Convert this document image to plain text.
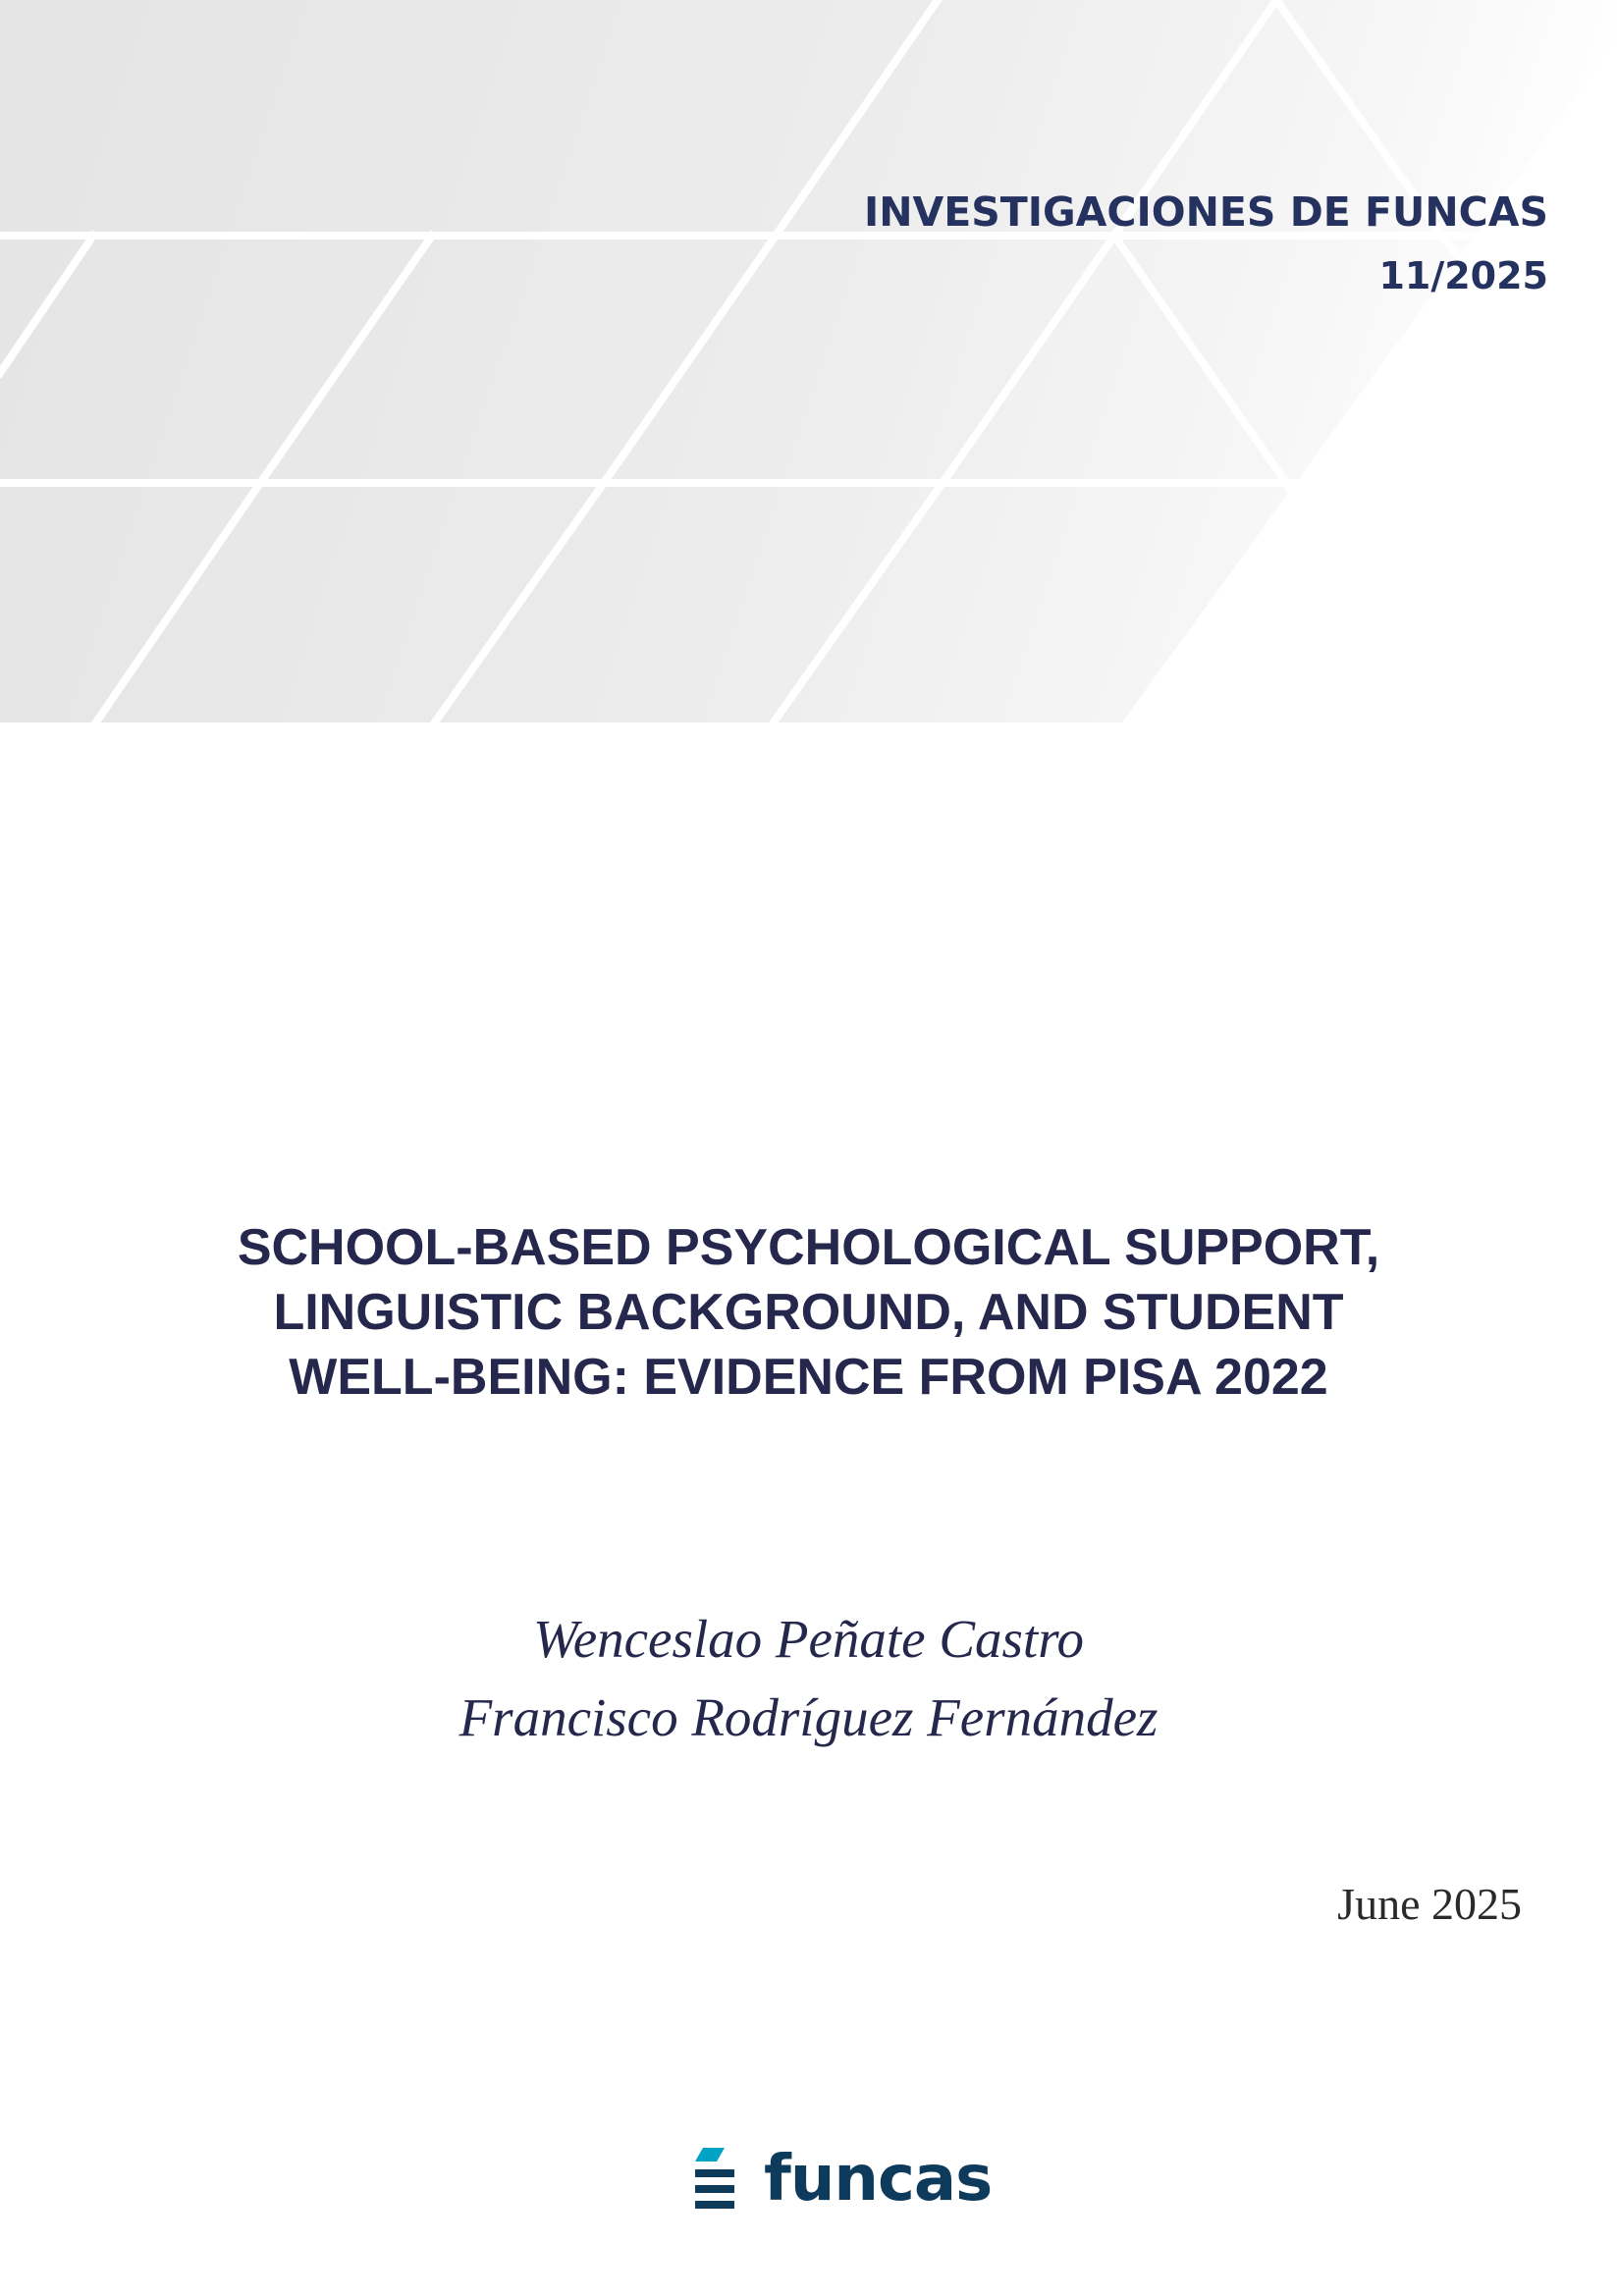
INVESTIGACIONES DE FUNCAS
11/2025
SCHOOL-BASED PSYCHOLOGICAL SUPPORT,
LINGUISTIC BACKGROUND, AND STUDENT
WELL-BEING: EVIDENCE FROM PISA 2022
Wenceslao Peñate Castro
Francisco Rodríguez Fernández
June 2025
funcas
